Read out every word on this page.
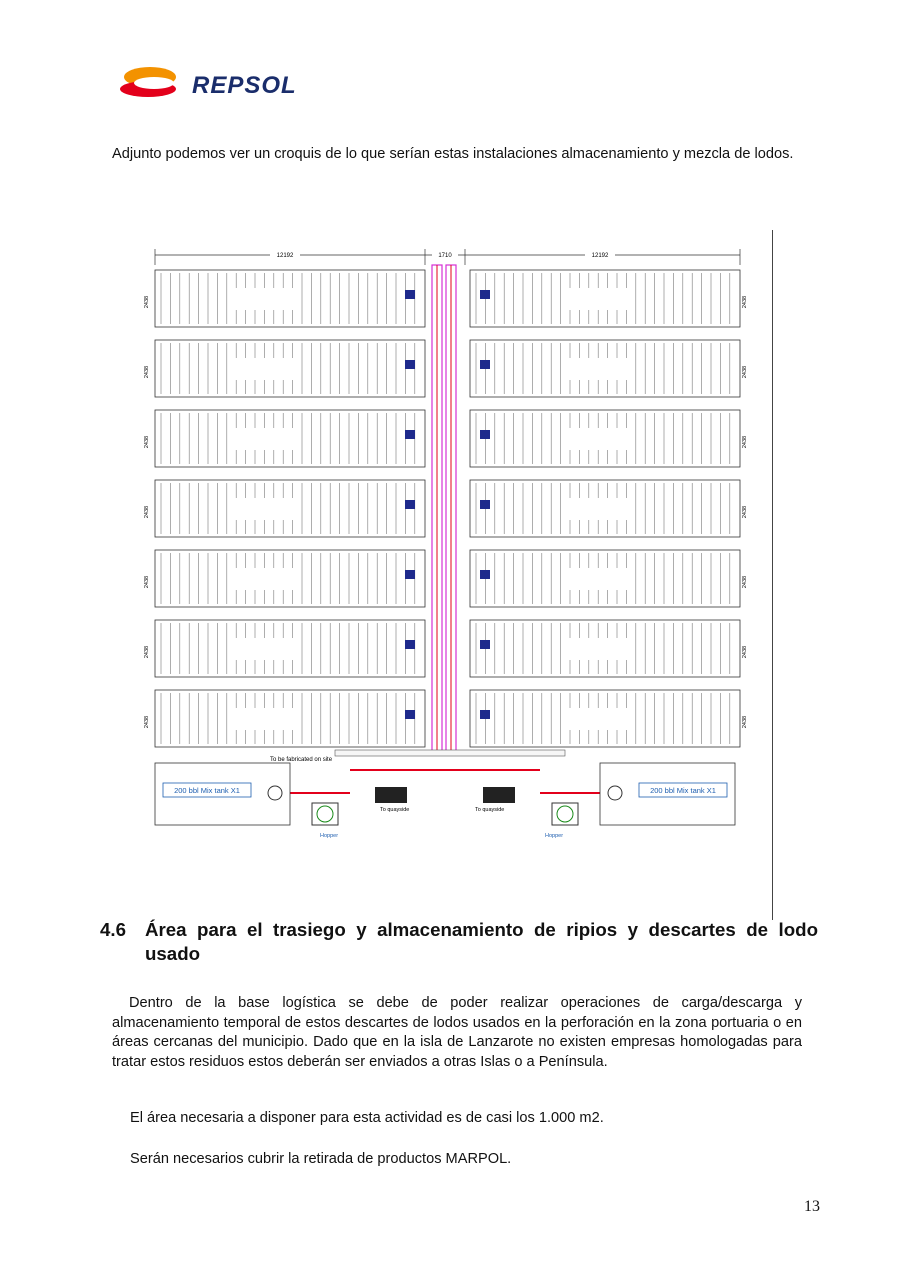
REPSOL
Adjunto podemos ver un croquis de lo que serían estas instalaciones almacenamiento y mezcla de lodos.
12192	1710	12192
2438	2438
2438	2438
2438	2438
2438	2438
2438	2438
2438	2438
2438	2438
To be fabricated on site
200 bbl Mix tank X1	200 bbl Mix tank X1
To quayside	To quayside
Hopper	Hopper
4.6 Área para el trasiego y almacenamiento de ripios y descartes de lodo usado
Dentro de la base logística se debe de poder realizar operaciones de carga/descarga y almacenamiento temporal de estos descartes de lodos usados en la perforación en la zona portuaria o en áreas cercanas del municipio. Dado que en la isla de Lanzarote no existen empresas homologadas para tratar estos residuos estos deberán ser enviados a otras Islas o a Península.
El área necesaria a disponer para esta actividad es de casi los 1.000 m2.
Serán necesarios cubrir la retirada de productos MARPOL.
13
